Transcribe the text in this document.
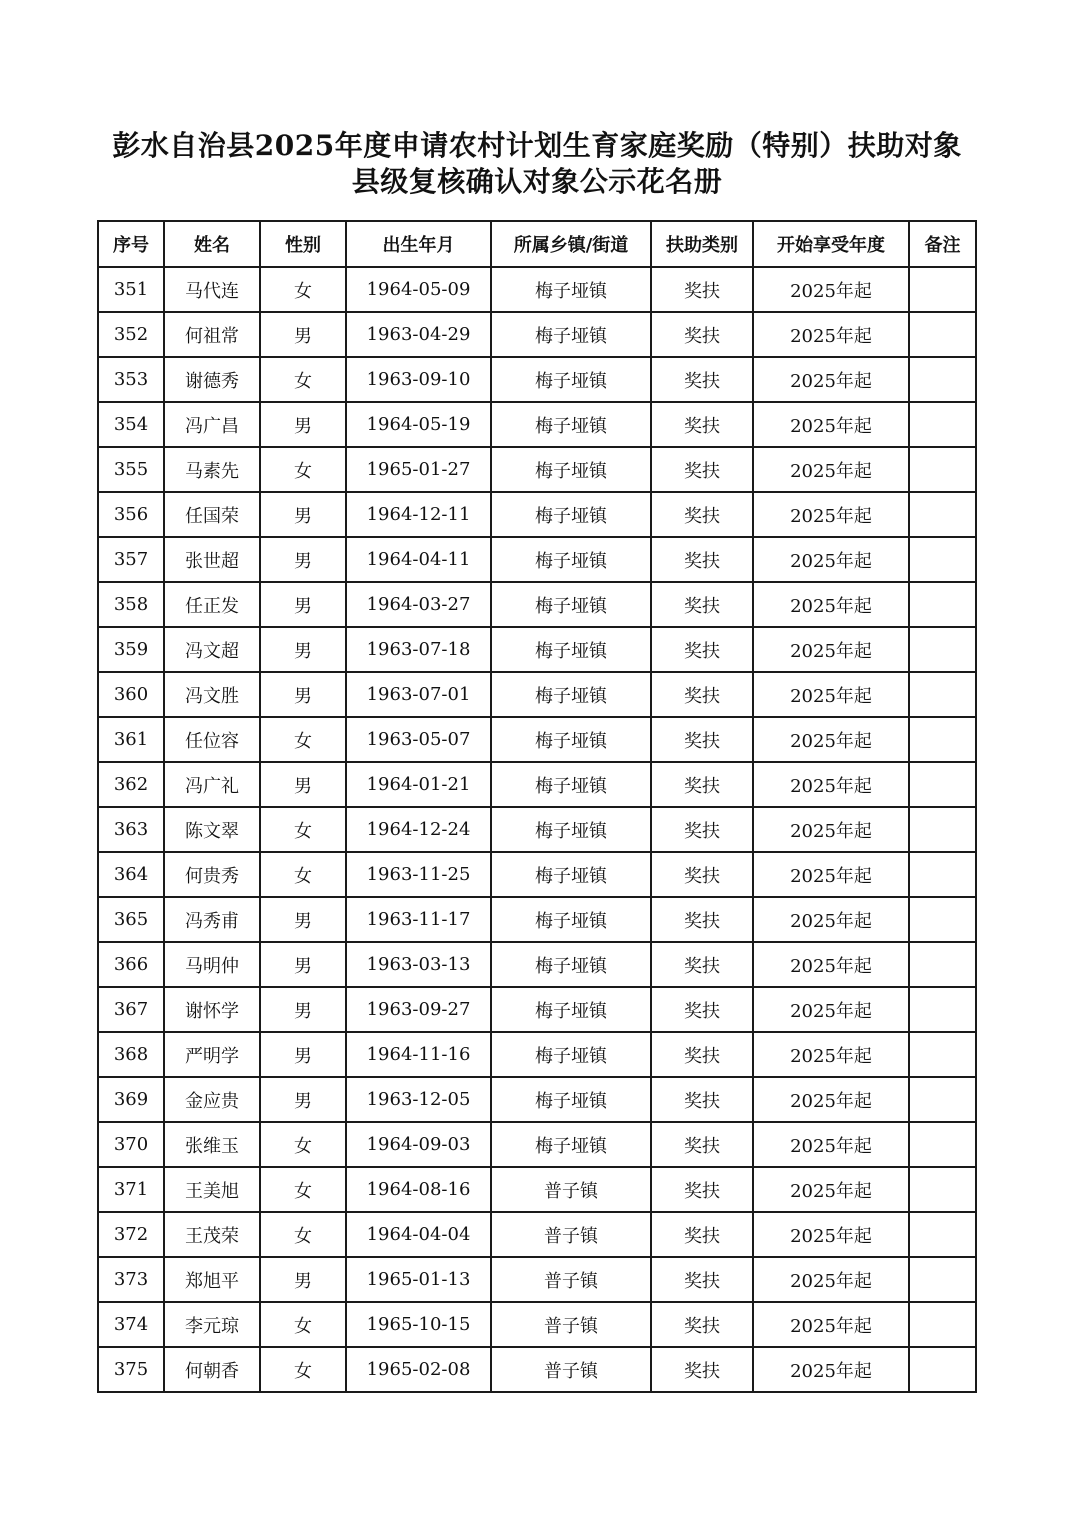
彭水自治县2025年度申请农村计划生育家庭奖励（特别）扶助对象
县级复核确认对象公示花名册
序号	姓名	性别	出生年月	所属乡镇/街道	扶助类别	开始享受年度	备注
351	马代连	女	1964-05-09	梅子垭镇	奖扶	2025年起	
352	何祖常	男	1963-04-29	梅子垭镇	奖扶	2025年起	
353	谢德秀	女	1963-09-10	梅子垭镇	奖扶	2025年起	
354	冯广昌	男	1964-05-19	梅子垭镇	奖扶	2025年起	
355	马素先	女	1965-01-27	梅子垭镇	奖扶	2025年起	
356	任国荣	男	1964-12-11	梅子垭镇	奖扶	2025年起	
357	张世超	男	1964-04-11	梅子垭镇	奖扶	2025年起	
358	任正发	男	1964-03-27	梅子垭镇	奖扶	2025年起	
359	冯文超	男	1963-07-18	梅子垭镇	奖扶	2025年起	
360	冯文胜	男	1963-07-01	梅子垭镇	奖扶	2025年起	
361	任位容	女	1963-05-07	梅子垭镇	奖扶	2025年起	
362	冯广礼	男	1964-01-21	梅子垭镇	奖扶	2025年起	
363	陈文翠	女	1964-12-24	梅子垭镇	奖扶	2025年起	
364	何贵秀	女	1963-11-25	梅子垭镇	奖扶	2025年起	
365	冯秀甫	男	1963-11-17	梅子垭镇	奖扶	2025年起	
366	马明仲	男	1963-03-13	梅子垭镇	奖扶	2025年起	
367	谢怀学	男	1963-09-27	梅子垭镇	奖扶	2025年起	
368	严明学	男	1964-11-16	梅子垭镇	奖扶	2025年起	
369	金应贵	男	1963-12-05	梅子垭镇	奖扶	2025年起	
370	张维玉	女	1964-09-03	梅子垭镇	奖扶	2025年起	
371	王美旭	女	1964-08-16	普子镇	奖扶	2025年起	
372	王茂荣	女	1964-04-04	普子镇	奖扶	2025年起	
373	郑旭平	男	1965-01-13	普子镇	奖扶	2025年起	
374	李元琼	女	1965-10-15	普子镇	奖扶	2025年起	
375	何朝香	女	1965-02-08	普子镇	奖扶	2025年起	
